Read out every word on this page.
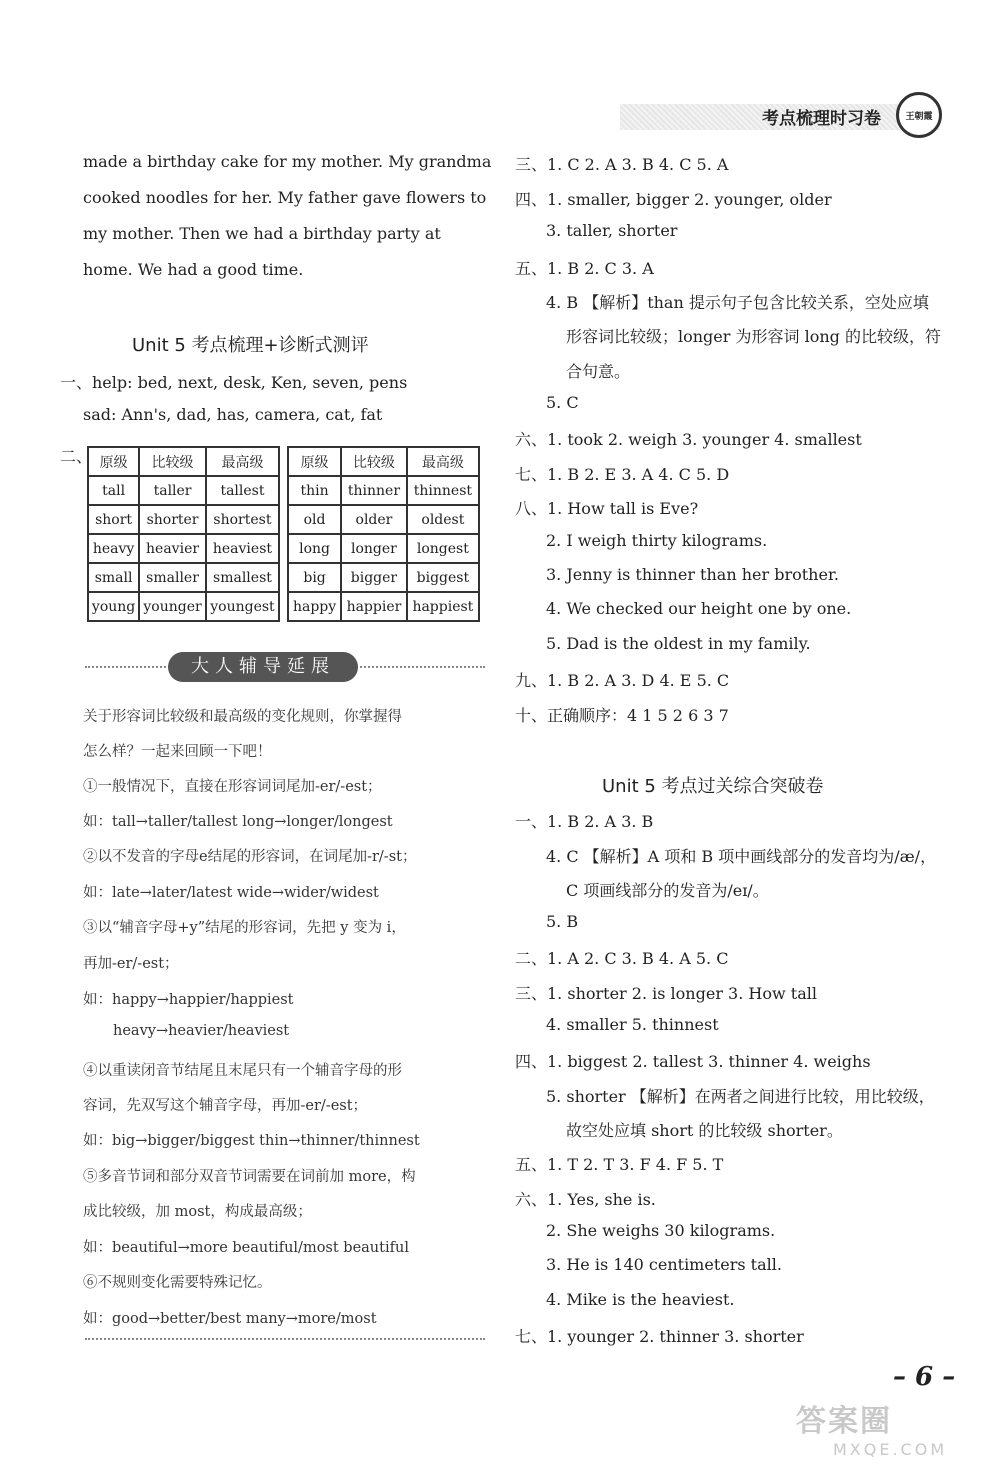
考点梳理时习卷	王朝霞
made a birthday cake for my mother. My grandma
cooked noodles for her. My father gave flowers to
my mother. Then we had a birthday party at
home. We had a good time.
Unit 5 考点梳理+诊断式测评
一、help: bed, next, desk, Ken, seven, pens
sad: Ann's, dad, has, camera, cat, fat
二、 原级	比较级	最高级
tall	taller	tallest
short	shorter	shortest
heavy	heavier	heaviest
small	smaller	smallest
young	younger	youngest
原级	比较级	最高级
thin	thinner	thinnest
old	older	oldest
long	longer	longest
big	bigger	biggest
happy	happier	happiest
大人辅导延展
关于形容词比较级和最高级的变化规则，你掌握得
怎么样？一起来回顾一下吧！
①一般情况下，直接在形容词词尾加-er/-est；
如：tall→taller/tallest long→longer/longest
②以不发音的字母e结尾的形容词，在词尾加-r/-st；
如：late→later/latest wide→wider/widest
③以“辅音字母+y”结尾的形容词，先把 y 变为 i，
再加-er/-est；
如：happy→happier/happiest
heavy→heavier/heaviest
④以重读闭音节结尾且末尾只有一个辅音字母的形
容词，先双写这个辅音字母，再加-er/-est；
如：big→bigger/biggest thin→thinner/thinnest
⑤多音节词和部分双音节词需要在词前加 more，构
成比较级，加 most，构成最高级；
如：beautiful→more beautiful/most beautiful
⑥不规则变化需要特殊记忆。
如：good→better/best many→more/most
三、1. C 2. A 3. B 4. C 5. A
四、1. smaller, bigger 2. younger, older
3. taller, shorter
五、1. B 2. C 3. A
4. B 【解析】than 提示句子包含比较关系，空处应填
形容词比较级；longer 为形容词 long 的比较级，符
合句意。
5. C
六、1. took 2. weigh 3. younger 4. smallest
七、1. B 2. E 3. A 4. C 5. D
八、1. How tall is Eve?
2. I weigh thirty kilograms.
3. Jenny is thinner than her brother.
4. We checked our height one by one.
5. Dad is the oldest in my family.
九、1. B 2. A 3. D 4. E 5. C
十、正确顺序：4 1 5 2 6 3 7
Unit 5 考点过关综合突破卷
一、1. B 2. A 3. B
4. C 【解析】A 项和 B 项中画线部分的发音均为/æ/，
C 项画线部分的发音为/eɪ/。
5. B
二、1. A 2. C 3. B 4. A 5. C
三、1. shorter 2. is longer 3. How tall
4. smaller 5. thinnest
四、1. biggest 2. tallest 3. thinner 4. weighs
5. shorter 【解析】在两者之间进行比较，用比较级，
故空处应填 short 的比较级 shorter。
五、1. T 2. T 3. F 4. F 5. T
六、1. Yes, she is.
2. She weighs 30 kilograms.
3. He is 140 centimeters tall.
4. Mike is the heaviest.
七、1. younger 2. thinner 3. shorter
– 6 –
答案圈
MXQE.COM
